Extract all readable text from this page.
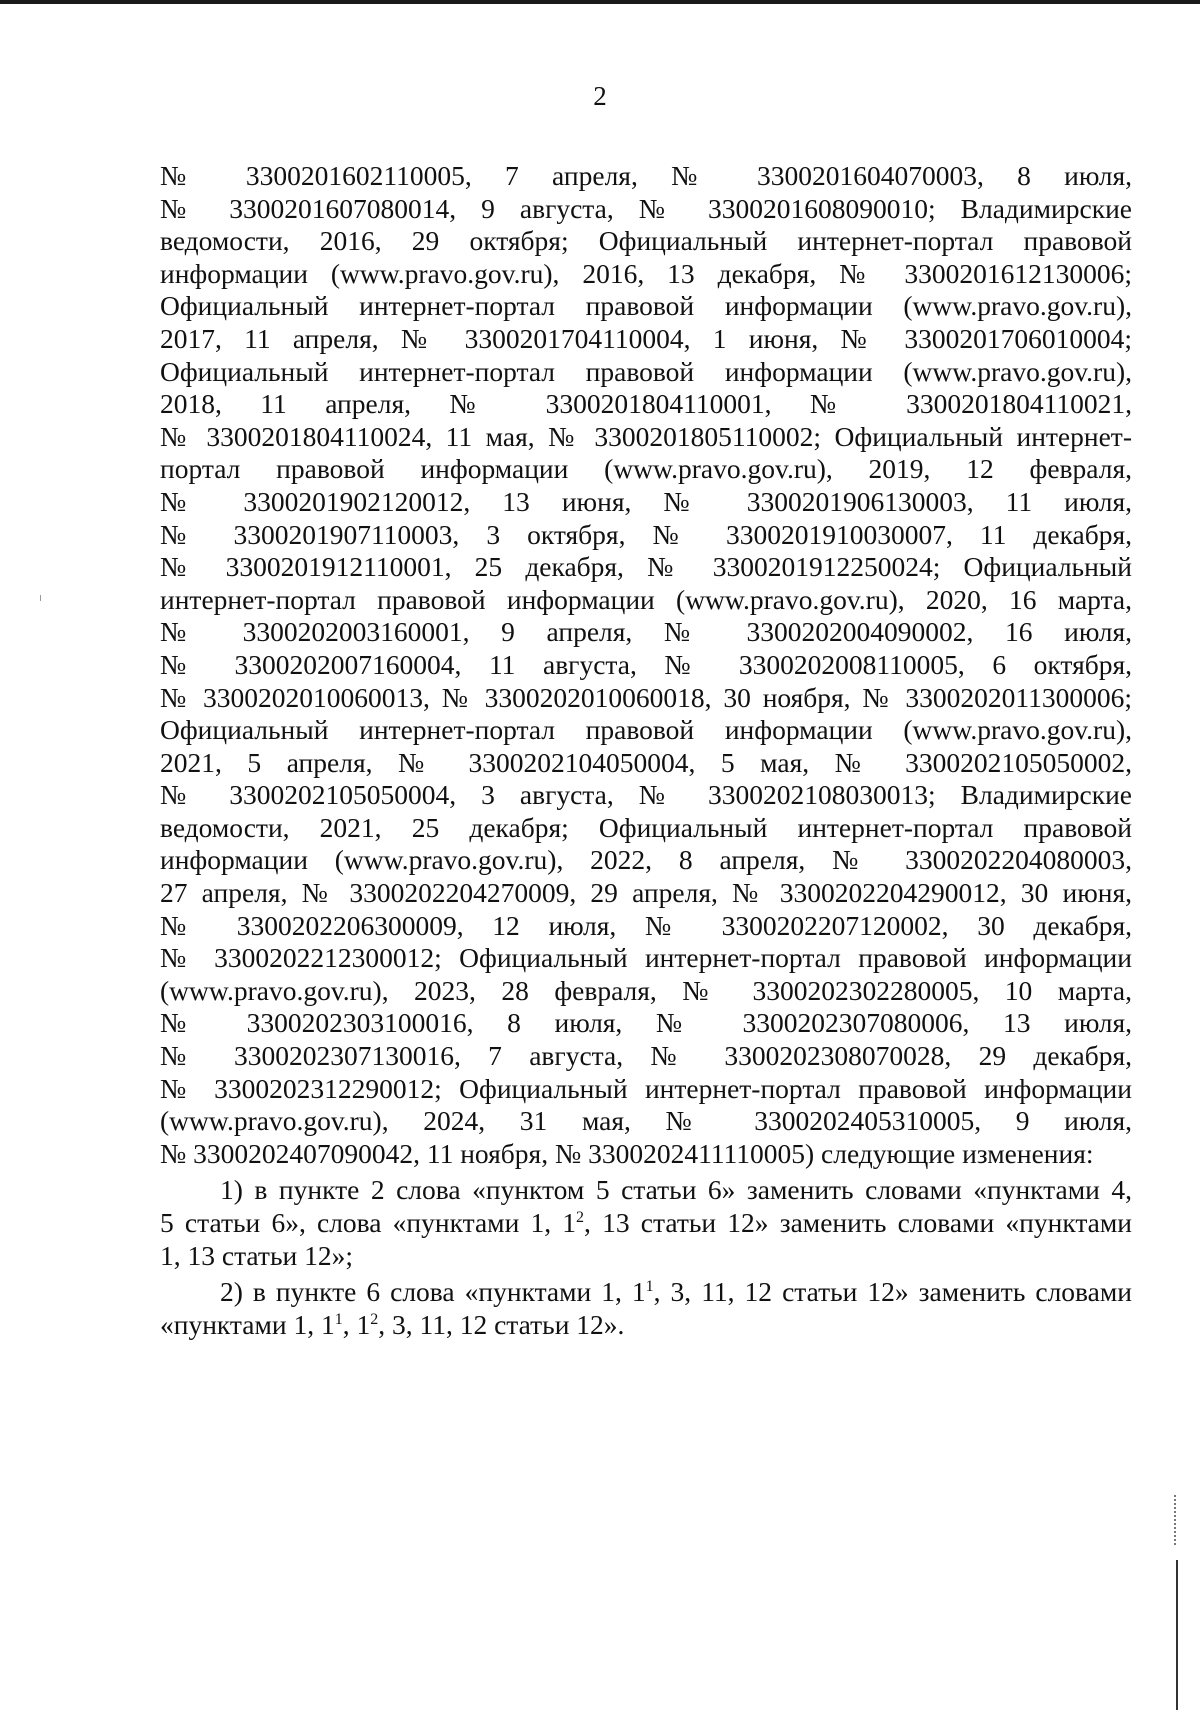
2
№ 3300201602110005, 7 апреля, № 3300201604070003, 8 июля,
№ 3300201607080014, 9 августа, № 3300201608090010; Владимирские
ведомости, 2016, 29 октября; Официальный интернет-портал правовой
информации (www.pravo.gov.ru), 2016, 13 декабря, № 3300201612130006;
Официальный интернет-портал правовой информации (www.pravo.gov.ru),
2017, 11 апреля, № 3300201704110004, 1 июня, № 3300201706010004;
Официальный интернет-портал правовой информации (www.pravo.gov.ru),
2018, 11 апреля, № 3300201804110001, № 3300201804110021,
№ 3300201804110024, 11 мая, № 3300201805110002; Официальный интернет-
портал правовой информации (www.pravo.gov.ru), 2019, 12 февраля,
№ 3300201902120012, 13 июня, № 3300201906130003, 11 июля,
№ 3300201907110003, 3 октября, № 3300201910030007, 11 декабря,
№ 3300201912110001, 25 декабря, № 3300201912250024; Официальный
интернет-портал правовой информации (www.pravo.gov.ru), 2020, 16 марта,
№ 3300202003160001, 9 апреля, № 3300202004090002, 16 июля,
№ 3300202007160004, 11 августа, № 3300202008110005, 6 октября,
№ 3300202010060013, № 3300202010060018, 30 ноября, № 3300202011300006;
Официальный интернет-портал правовой информации (www.pravo.gov.ru),
2021, 5 апреля, № 3300202104050004, 5 мая, № 3300202105050002,
№ 3300202105050004, 3 августа, № 3300202108030013; Владимирские
ведомости, 2021, 25 декабря; Официальный интернет-портал правовой
информации (www.pravo.gov.ru), 2022, 8 апреля, № 3300202204080003,
27 апреля, № 3300202204270009, 29 апреля, № 3300202204290012, 30 июня,
№ 3300202206300009, 12 июля, № 3300202207120002, 30 декабря,
№ 3300202212300012; Официальный интернет-портал правовой информации
(www.pravo.gov.ru), 2023, 28 февраля, № 3300202302280005, 10 марта,
№ 3300202303100016, 8 июля, № 3300202307080006, 13 июля,
№ 3300202307130016, 7 августа, № 3300202308070028, 29 декабря,
№ 3300202312290012; Официальный интернет-портал правовой информации
(www.pravo.gov.ru), 2024, 31 мая, № 3300202405310005, 9 июля,
№ 3300202407090042, 11 ноября, № 3300202411110005) следующие изменения:
1) в пункте 2 слова «пунктом 5 статьи 6» заменить словами «пунктами 4,
5 статьи 6», слова «пунктами 1, $1^2$, 13 статьи 12» заменить словами «пунктами
1, 13 статьи 12»;
2) в пункте 6 слова «пунктами 1, $1^1$, 3, 11, 12 статьи 12» заменить словами
«пунктами 1, $1^1$, $1^2$, 3, 11, 12 статьи 12».
